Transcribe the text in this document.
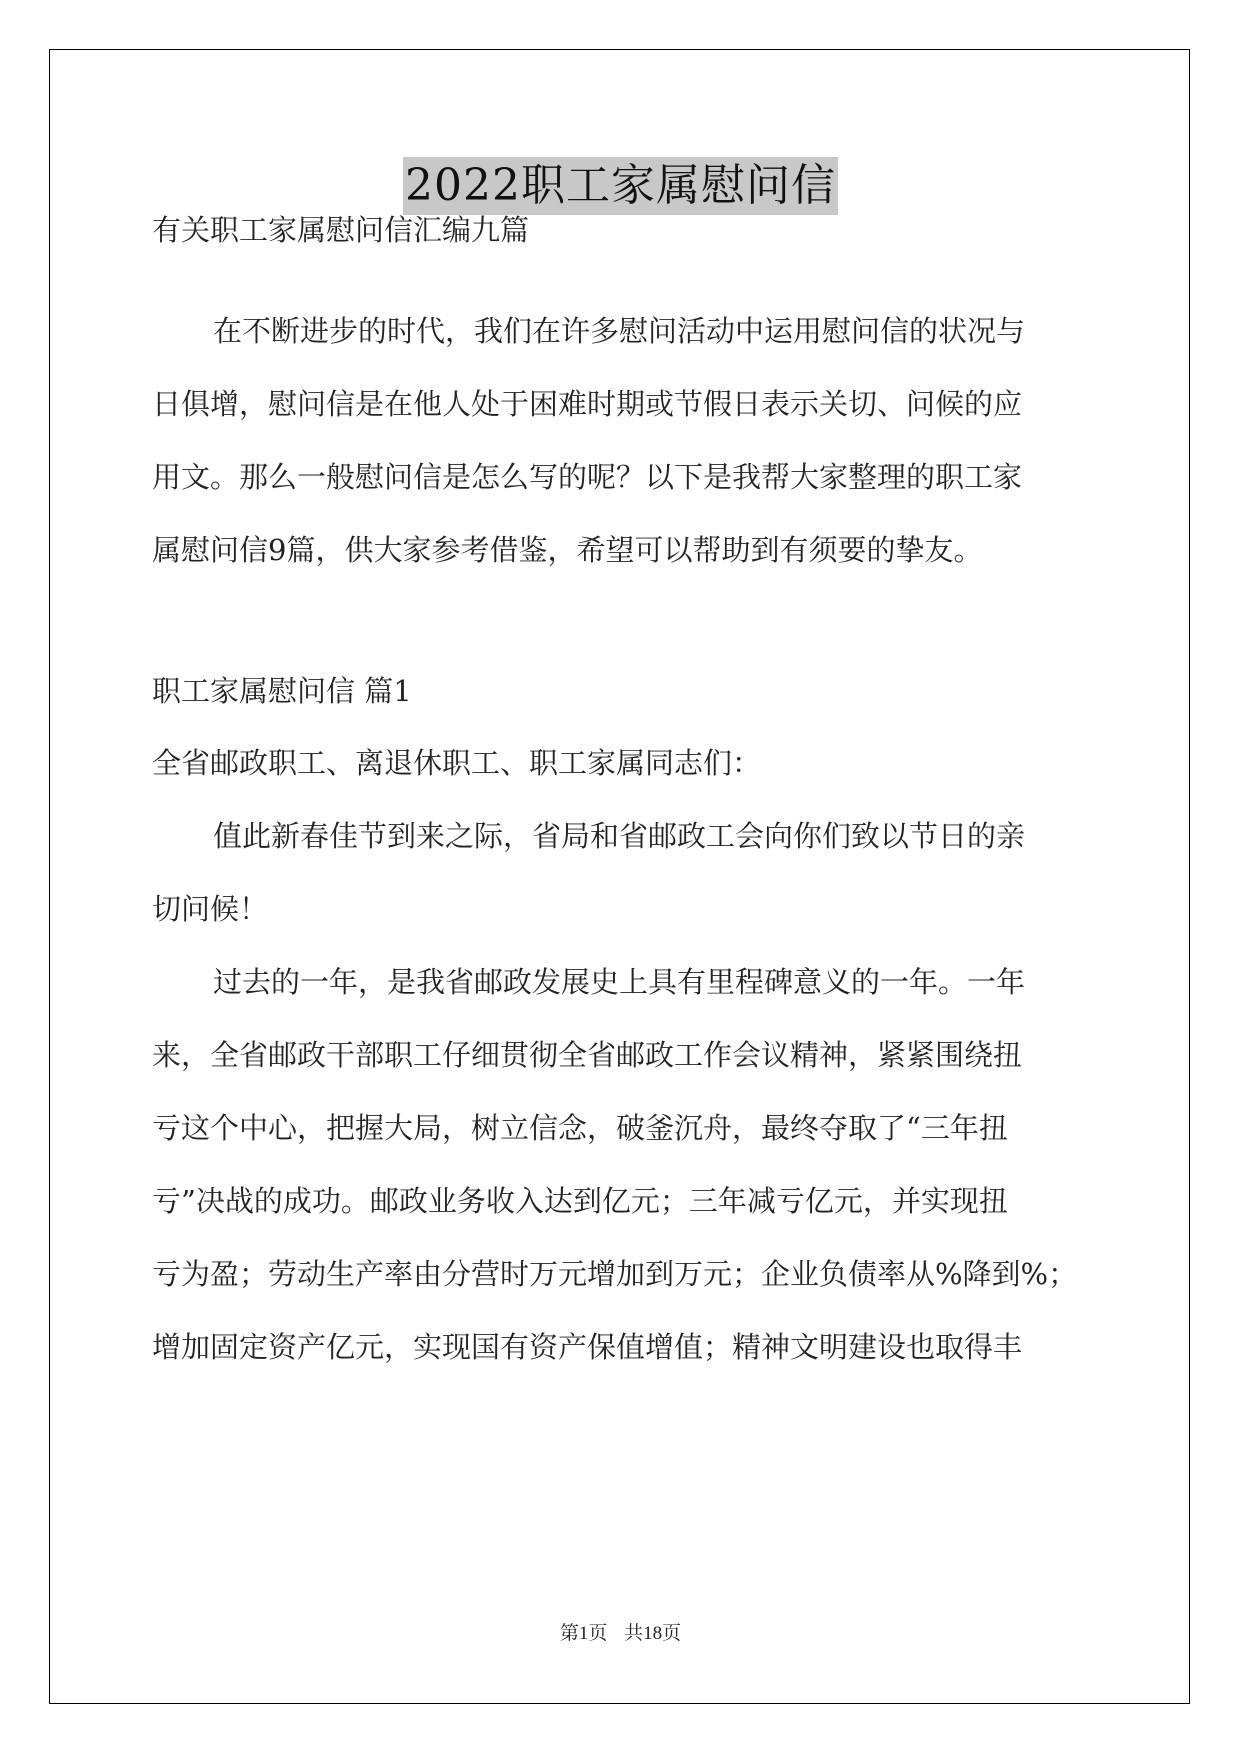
2022职工家属慰问信

有关职工家属慰问信汇编九篇

在不断进步的时代，我们在许多慰问活动中运用慰问信的状况与

日俱增，慰问信是在他人处于困难时期或节假日表示关切、问候的应

用文。那么一般慰问信是怎么写的呢？以下是我帮大家整理的职工家

属慰问信9篇，供大家参考借鉴，希望可以帮助到有须要的挚友。

职工家属慰问信 篇1

全省邮政职工、离退休职工、职工家属同志们：

值此新春佳节到来之际，省局和省邮政工会向你们致以节日的亲

切问候！

过去的一年，是我省邮政发展史上具有里程碑意义的一年。一年

来，全省邮政干部职工仔细贯彻全省邮政工作会议精神，紧紧围绕扭

亏这个中心，把握大局，树立信念，破釜沉舟，最终夺取了“三年扭

亏”决战的成功。邮政业务收入达到亿元；三年减亏亿元，并实现扭

亏为盈；劳动生产率由分营时万元增加到万元；企业负债率从%降到%；

增加固定资产亿元，实现国有资产保值增值；精神文明建设也取得丰

第1页 共18页
